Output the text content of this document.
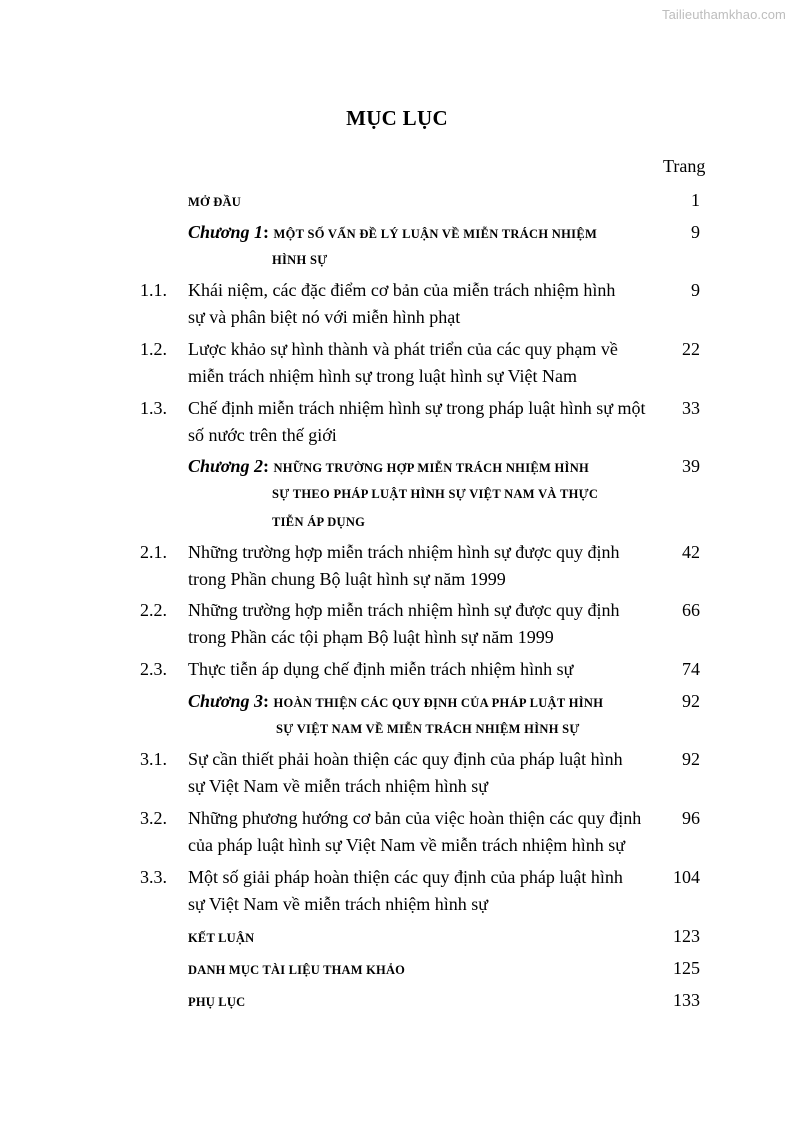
Tailieuthamkhao.com
MỤC LỤC
Trang
MỞ ĐẦU	1
Chương 1: MỘT SỐ VẤN ĐỀ LÝ LUẬN VỀ MIỄN TRÁCH NHIỆM	9
HÌNH SỰ
1.1. Khái niệm, các đặc điểm cơ bản của miễn trách nhiệm hình	9
sự và phân biệt nó với miễn hình phạt
1.2. Lược khảo sự hình thành và phát triển của các quy phạm về	22
miễn trách nhiệm hình sự trong luật hình sự Việt Nam
1.3. Chế định miễn trách nhiệm hình sự trong pháp luật hình sự một 33
số nước trên thế giới
Chương 2: NHỮNG TRƯỜNG HỢP MIỄN TRÁCH NHIỆM HÌNH	39
SỰ THEO PHÁP LUẬT HÌNH SỰ VIỆT NAM VÀ THỰC
TIỄN ÁP DỤNG
2.1. Những trường hợp miễn trách nhiệm hình sự được quy định	42
trong Phần chung Bộ luật hình sự năm 1999
2.2. Những trường hợp miễn trách nhiệm hình sự được quy định	66
trong Phần các tội phạm Bộ luật hình sự năm 1999
2.3. Thực tiễn áp dụng chế định miễn trách nhiệm hình sự	74
Chương 3: HOÀN THIỆN CÁC QUY ĐỊNH CỦA PHÁP LUẬT HÌNH	92
SỰ VIỆT NAM VỀ MIỄN TRÁCH NHIỆM HÌNH SỰ
3.1. Sự cần thiết phải hoàn thiện các quy định của pháp luật hình	92
sự Việt Nam về miễn trách nhiệm hình sự
3.2. Những phương hướng cơ bản của việc hoàn thiện các quy định 96
của pháp luật hình sự Việt Nam về miễn trách nhiệm hình sự
3.3. Một số giải pháp hoàn thiện các quy định của pháp luật hình	104
sự Việt Nam về miễn trách nhiệm hình sự
KẾT LUẬN	123
DANH MỤC TÀI LIỆU THAM KHẢO	125
PHỤ LỤC	133
